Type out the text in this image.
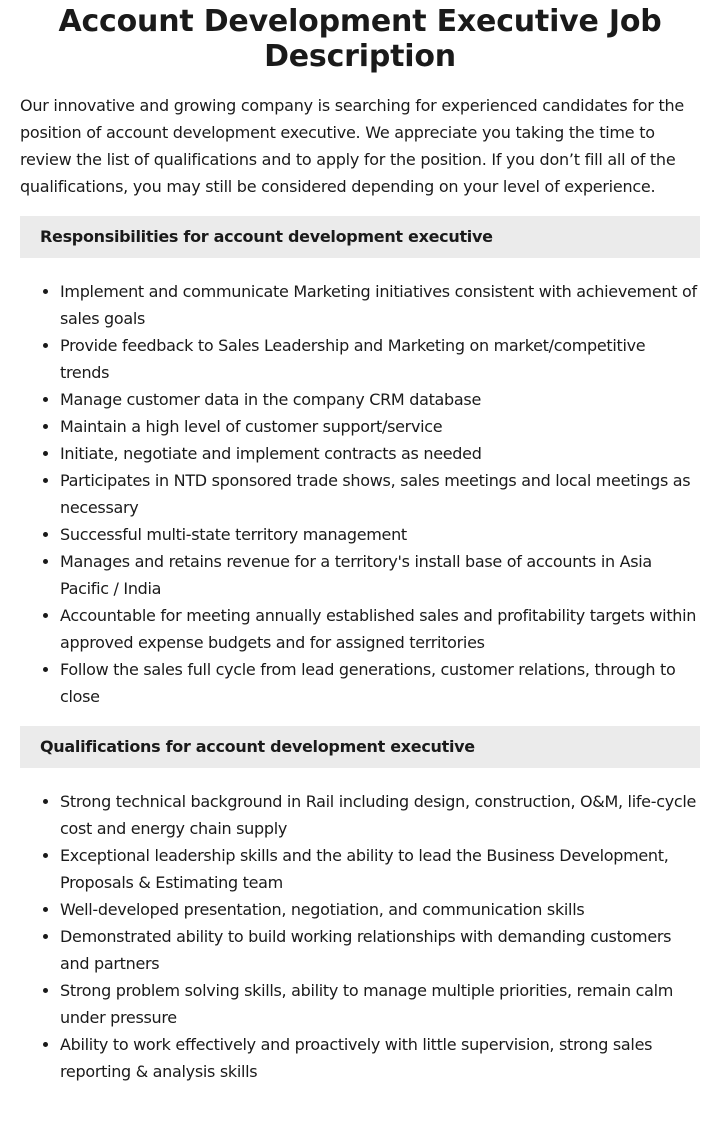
Account Development Executive Job Description

Our innovative and growing company is searching for experienced candidates for the position of account development executive. We appreciate you taking the time to review the list of qualifications and to apply for the position. If you don’t fill all of the qualifications, you may still be considered depending on your level of experience.

Responsibilities for account development executive
Implement and communicate Marketing initiatives consistent with achievement of sales goals
Provide feedback to Sales Leadership and Marketing on market/competitive trends
Manage customer data in the company CRM database
Maintain a high level of customer support/service
Initiate, negotiate and implement contracts as needed
Participates in NTD sponsored trade shows, sales meetings and local meetings as necessary
Successful multi-state territory management
Manages and retains revenue for a territory's install base of accounts in Asia Pacific / India
Accountable for meeting annually established sales and profitability targets within approved expense budgets and for assigned territories
Follow the sales full cycle from lead generations, customer relations, through to close
Qualifications for account development executive
Strong technical background in Rail including design, construction, O&M, life-cycle cost and energy chain supply
Exceptional leadership skills and the ability to lead the Business Development, Proposals & Estimating team
Well-developed presentation, negotiation, and communication skills
Demonstrated ability to build working relationships with demanding customers and partners
Strong problem solving skills, ability to manage multiple priorities, remain calm under pressure
Ability to work effectively and proactively with little supervision, strong sales reporting & analysis skills
